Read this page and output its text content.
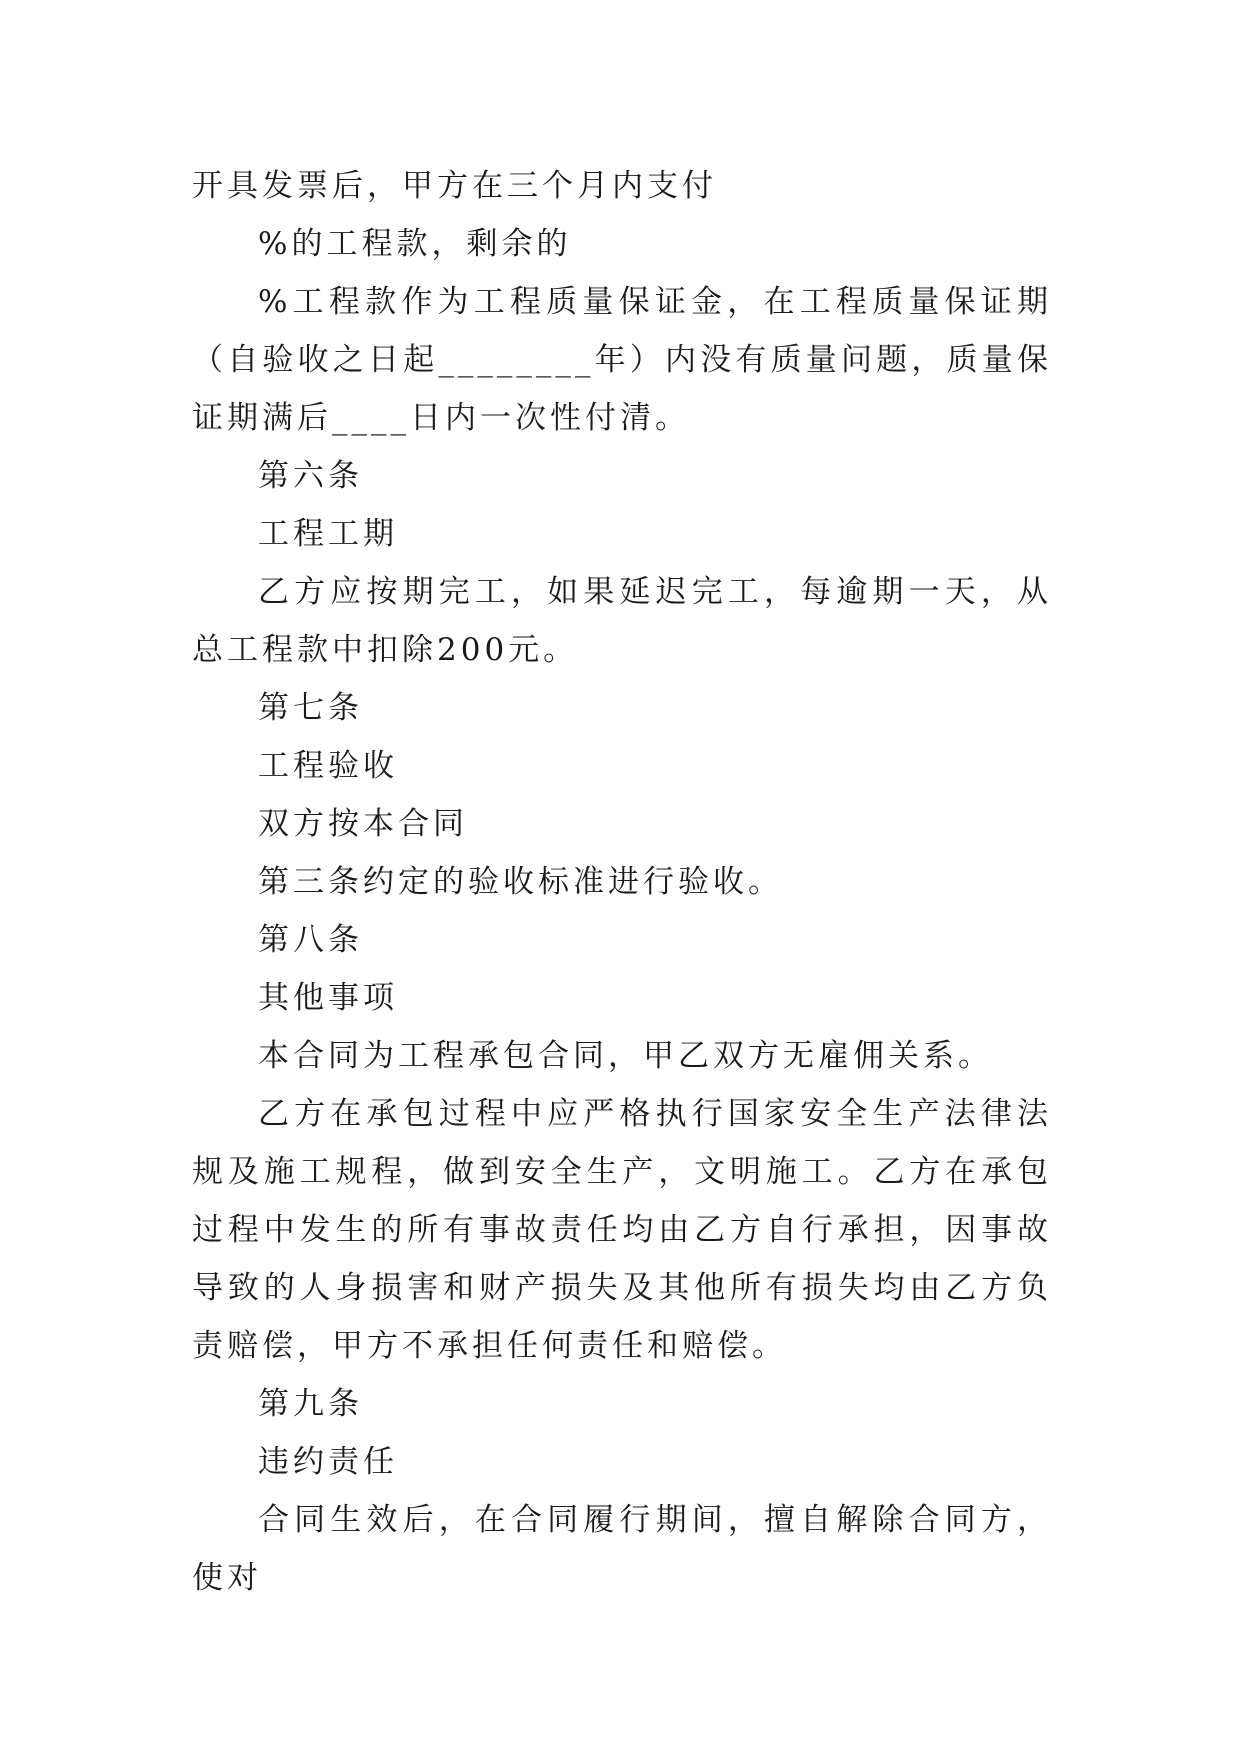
开具发票后，甲方在三个月内支付

%的工程款，剩余的

%工程款作为工程质量保证金，在工程质量保证期（自验收之日起________年）内没有质量问题，质量保证期满后____日内一次性付清。

第六条

工程工期

乙方应按期完工，如果延迟完工，每逾期一天，从总工程款中扣除200元。

第七条

工程验收

双方按本合同

第三条约定的验收标准进行验收。

第八条

其他事项

本合同为工程承包合同，甲乙双方无雇佣关系。

乙方在承包过程中应严格执行国家安全生产法律法规及施工规程，做到安全生产，文明施工。乙方在承包过程中发生的所有事故责任均由乙方自行承担，因事故导致的人身损害和财产损失及其他所有损失均由乙方负责赔偿，甲方不承担任何责任和赔偿。

第九条

违约责任

合同生效后，在合同履行期间，擅自解除合同方，使对
